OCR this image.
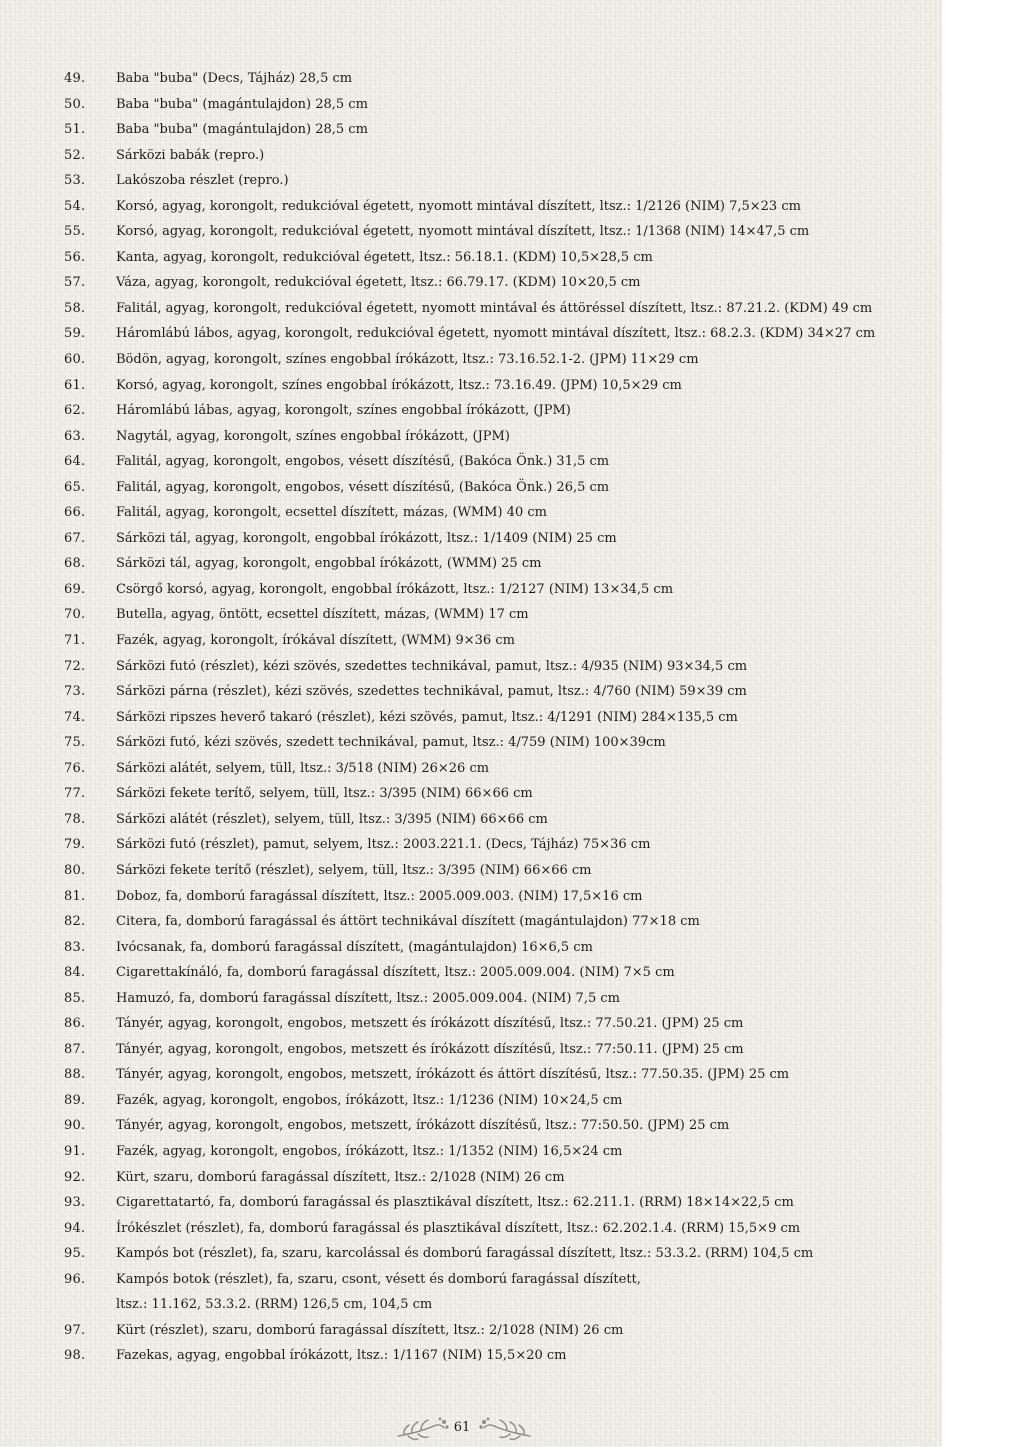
49.	Baba "buba" (Decs, Tájház) 28,5 cm
50.	Baba "buba" (magántulajdon) 28,5 cm
51.	Baba "buba" (magántulajdon) 28,5 cm
52.	Sárközi babák (repro.)
53.	Lakószoba részlet (repro.)
54.	Korsó, agyag, korongolt, redukcióval égetett, nyomott mintával díszített, ltsz.: 1/2126 (NIM) 7,5×23 cm
55.	Korsó, agyag, korongolt, redukcióval égetett, nyomott mintával díszített, ltsz.: 1/1368 (NIM) 14×47,5 cm
56.	Kanta, agyag, korongolt, redukcióval égetett, ltsz.: 56.18.1. (KDM) 10,5×28,5 cm
57.	Váza, agyag, korongolt, redukcióval égetett, ltsz.: 66.79.17. (KDM) 10×20,5 cm
58.	Falitál, agyag, korongolt, redukcióval égetett, nyomott mintával és áttöréssel díszített, ltsz.: 87.21.2. (KDM) 49 cm
59.	Háromlábú lábos, agyag, korongolt, redukcióval égetett, nyomott mintával díszített, ltsz.: 68.2.3. (KDM) 34×27 cm
60.	Bödön, agyag, korongolt, színes engobbal írókázott, ltsz.: 73.16.52.1-2. (JPM) 11×29 cm
61.	Korsó, agyag, korongolt, színes engobbal írókázott, ltsz.: 73.16.49. (JPM) 10,5×29 cm
62.	Háromlábú lábas, agyag, korongolt, színes engobbal írókázott, (JPM)
63.	Nagytál, agyag, korongolt, színes engobbal írókázott, (JPM)
64.	Falitál, agyag, korongolt, engobos, vésett díszítésű, (Bakóca Önk.) 31,5 cm
65.	Falitál, agyag, korongolt, engobos, vésett díszítésű, (Bakóca Önk.) 26,5 cm
66.	Falitál, agyag, korongolt, ecsettel díszített, mázas, (WMM) 40 cm
67.	Sárközi tál, agyag, korongolt, engobbal írókázott, ltsz.: 1/1409 (NIM) 25 cm
68.	Sárközi tál, agyag, korongolt, engobbal írókázott, (WMM) 25 cm
69.	Csörgő korsó, agyag, korongolt, engobbal írókázott, ltsz.: 1/2127 (NIM) 13×34,5 cm
70.	Butella, agyag, öntött, ecsettel díszített, mázas, (WMM) 17 cm
71.	Fazék, agyag, korongolt, írókával díszített, (WMM) 9×36 cm
72.	Sárközi futó (részlet), kézi szövés, szedettes technikával, pamut, ltsz.: 4/935 (NIM) 93×34,5 cm
73.	Sárközi párna (részlet), kézi szövés, szedettes technikával, pamut, ltsz.: 4/760 (NIM) 59×39 cm
74.	Sárközi ripszes heverő takaró (részlet), kézi szövés, pamut, ltsz.: 4/1291 (NIM) 284×135,5 cm
75.	Sárközi futó, kézi szövés, szedett technikával, pamut, ltsz.: 4/759 (NIM) 100×39cm
76.	Sárközi alátét, selyem, tüll, ltsz.: 3/518 (NIM) 26×26 cm
77.	Sárközi fekete terítő, selyem, tüll, ltsz.: 3/395 (NIM) 66×66 cm
78.	Sárközi alátét (részlet), selyem, tüll, ltsz.: 3/395 (NIM) 66×66 cm
79.	Sárközi futó (részlet), pamut, selyem, ltsz.: 2003.221.1. (Decs, Tájház) 75×36 cm
80.	Sárközi fekete terítő (részlet), selyem, tüll, ltsz.: 3/395 (NIM) 66×66 cm
81.	Doboz, fa, domború faragással díszített, ltsz.: 2005.009.003. (NIM) 17,5×16 cm
82.	Citera, fa, domború faragással és áttört technikával díszített (magántulajdon) 77×18 cm
83.	Ivócsanak, fa, domború faragással díszített, (magántulajdon) 16×6,5 cm
84.	Cigarettakínáló, fa, domború faragással díszített, ltsz.: 2005.009.004. (NIM) 7×5 cm
85.	Hamuzó, fa, domború faragással díszített, ltsz.: 2005.009.004. (NIM) 7,5 cm
86.	Tányér, agyag, korongolt, engobos, metszett és írókázott díszítésű, ltsz.: 77.50.21. (JPM) 25 cm
87.	Tányér, agyag, korongolt, engobos, metszett és írókázott díszítésű, ltsz.: 77:50.11. (JPM) 25 cm
88.	Tányér, agyag, korongolt, engobos, metszett, írókázott és áttört díszítésű, ltsz.: 77.50.35. (JPM) 25 cm
89.	Fazék, agyag, korongolt, engobos, írókázott, ltsz.: 1/1236 (NIM) 10×24,5 cm
90.	Tányér, agyag, korongolt, engobos, metszett, írókázott díszítésű, ltsz.: 77:50.50. (JPM) 25 cm
91.	Fazék, agyag, korongolt, engobos, írókázott, ltsz.: 1/1352 (NIM) 16,5×24 cm
92.	Kürt, szaru, domború faragással díszített, ltsz.: 2/1028 (NIM) 26 cm
93.	Cigarettatartó, fa, domború faragással és plasztikával díszített, ltsz.: 62.211.1. (RRM) 18×14×22,5 cm
94.	Írókészlet (részlet), fa, domború faragással és plasztikával díszített, ltsz.: 62.202.1.4. (RRM) 15,5×9 cm
95.	Kampós bot (részlet), fa, szaru, karcolással és domború faragással díszített, ltsz.: 53.3.2. (RRM) 104,5 cm
96.	Kampós botok (részlet), fa, szaru, csont, vésett és domború faragással díszített,
ltsz.: 11.162, 53.3.2. (RRM) 126,5 cm, 104,5 cm
97.	Kürt (részlet), szaru, domború faragással díszített, ltsz.: 2/1028 (NIM) 26 cm
98.	Fazekas, agyag, engobbal írókázott, ltsz.: 1/1167 (NIM) 15,5×20 cm
61
